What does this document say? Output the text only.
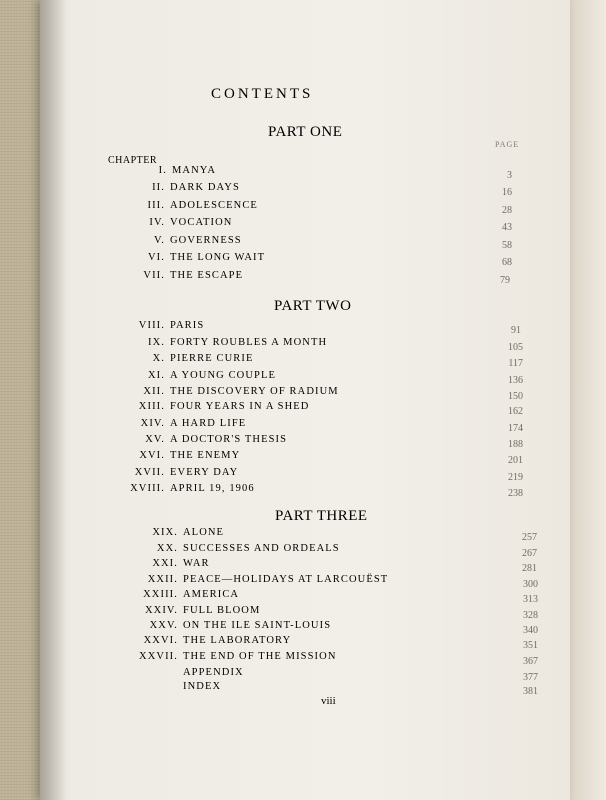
CONTENTS
PART ONE
PAGE
CHAPTER
PART TWO
PART THREE
I. MANYA	3
II. DARK DAYS	16
III. ADOLESCENCE	28
IV. VOCATION	43
V. GOVERNESS	58
VI. THE LONG WAIT	68
VII. THE ESCAPE	79
VIII. PARIS	91
IX. FORTY ROUBLES A MONTH	105
X. PIERRE CURIE	117
XI. A YOUNG COUPLE	136
XII. THE DISCOVERY OF RADIUM	150
XIII. FOUR YEARS IN A SHED	162
XIV. A HARD LIFE	174
XV. A DOCTOR'S THESIS	188
XVI. THE ENEMY	201
XVII. EVERY DAY	219
XVIII. APRIL 19, 1906	238
XIX. ALONE	257
XX. SUCCESSES AND ORDEALS	267
XXI. WAR	281
XXII. PEACE—HOLIDAYS AT LARCOUËST	300
XXIII. AMERICA	313
XXIV. FULL BLOOM	328
XXV. ON THE ILE SAINT-LOUIS	340
XXVI. THE LABORATORY	351
XXVII. THE END OF THE MISSION	367
APPENDIX	377
INDEX	381
viii
